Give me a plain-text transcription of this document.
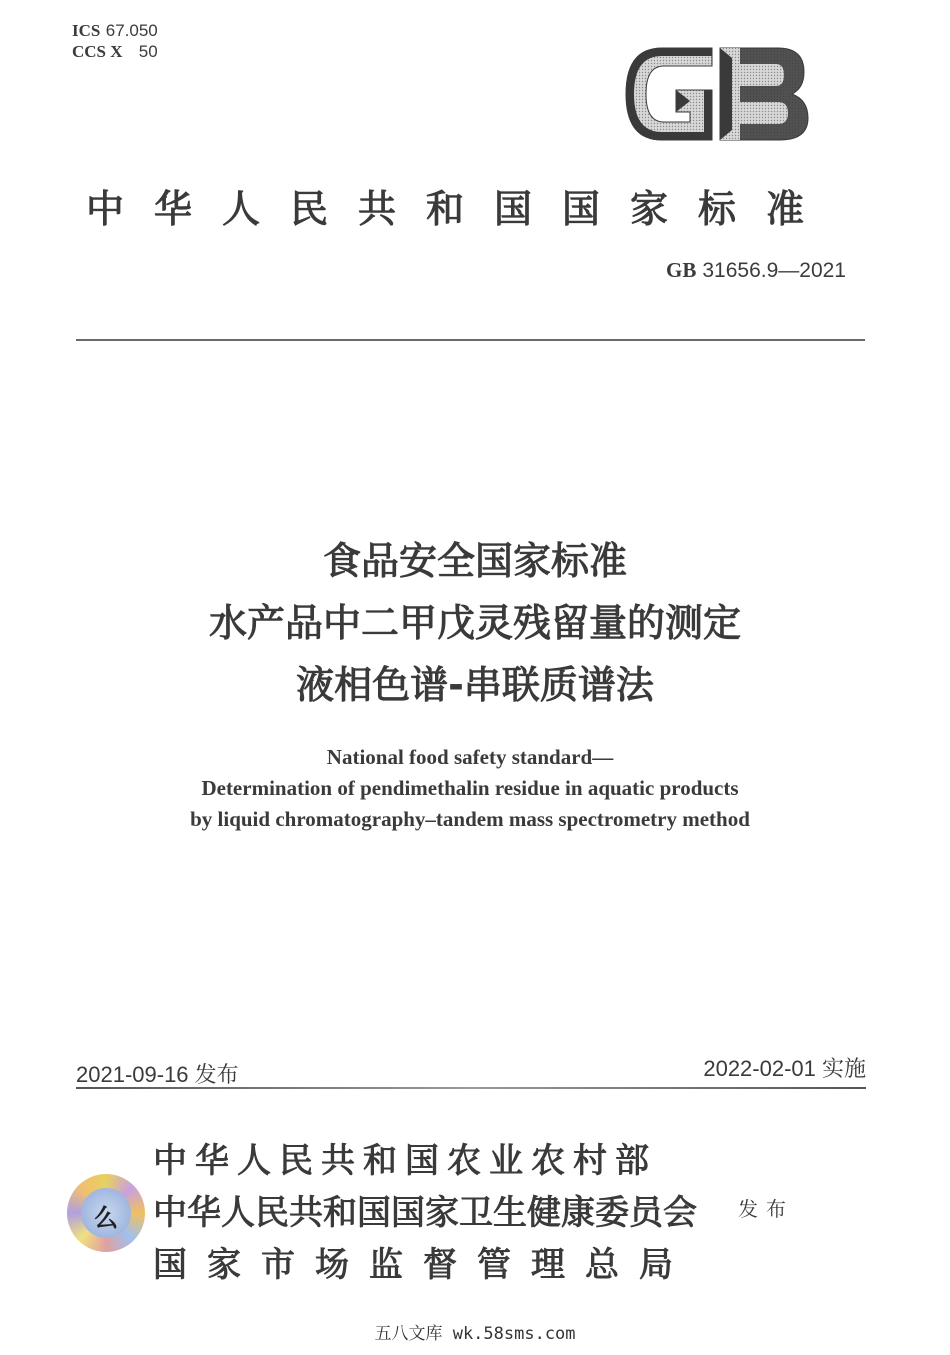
ICS 67.050
CCS X 50
中华人民共和国国家标准
GB 31656.9—2021
食品安全国家标准
水产品中二甲戊灵残留量的测定
液相色谱-串联质谱法
National food safety standard—
Determination of pendimethalin residue in aquatic products
by liquid chromatography–tandem mass spectrometry method
2021-09-16 发布	2022-02-01 实施
么
中华人民共和国农业农村部
中华人民共和国国家卫生健康委员会
国家市场监督管理总局
发布
五八文库 wk.58sms.com
